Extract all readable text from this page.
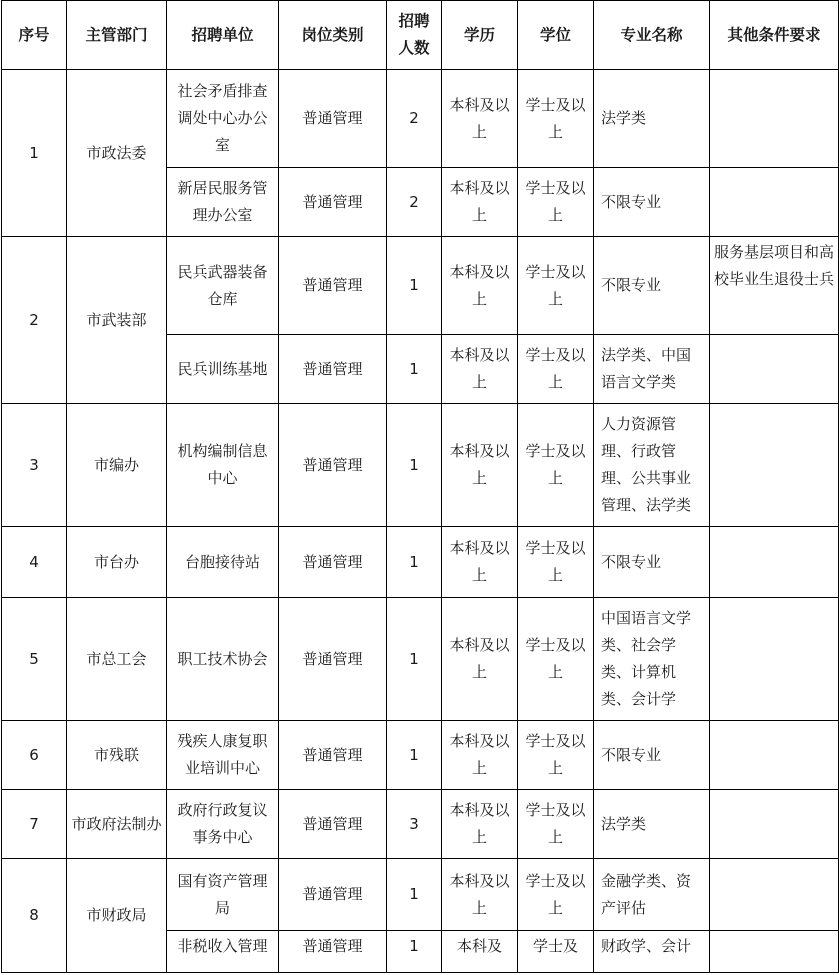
序号	主管部门	招聘单位	岗位类别	招聘人数	学历	学位	专业名称	其他条件要求
1	市政法委	社会矛盾排查调处中心办公室	普通管理	2	本科及以上	学士及以上	法学类	
		新居民服务管理办公室	普通管理	2	本科及以上	学士及以上	不限专业	
2	市武装部	民兵武器装备仓库	普通管理	1	本科及以上	学士及以上	不限专业	服务基层项目和高校毕业生退役士兵
		民兵训练基地	普通管理	1	本科及以上	学士及以上	法学类、中国语言文学类	
3	市编办	机构编制信息中心	普通管理	1	本科及以上	学士及以上	人力资源管理、行政管理、公共事业管理、法学类	
4	市台办	台胞接待站	普通管理	1	本科及以上	学士及以上	不限专业	
5	市总工会	职工技术协会	普通管理	1	本科及以上	学士及以上	中国语言文学类、社会学类、计算机类、会计学	
6	市残联	残疾人康复职业培训中心	普通管理	1	本科及以上	学士及以上	不限专业	
7	市政府法制办	政府行政复议事务中心	普通管理	3	本科及以上	学士及以上	法学类	
8	市财政局	国有资产管理局	普通管理	1	本科及以上	学士及以上	金融学类、资产评估	
		非税收入管理	普通管理	1	本科及	学士及	财政学、会计	
